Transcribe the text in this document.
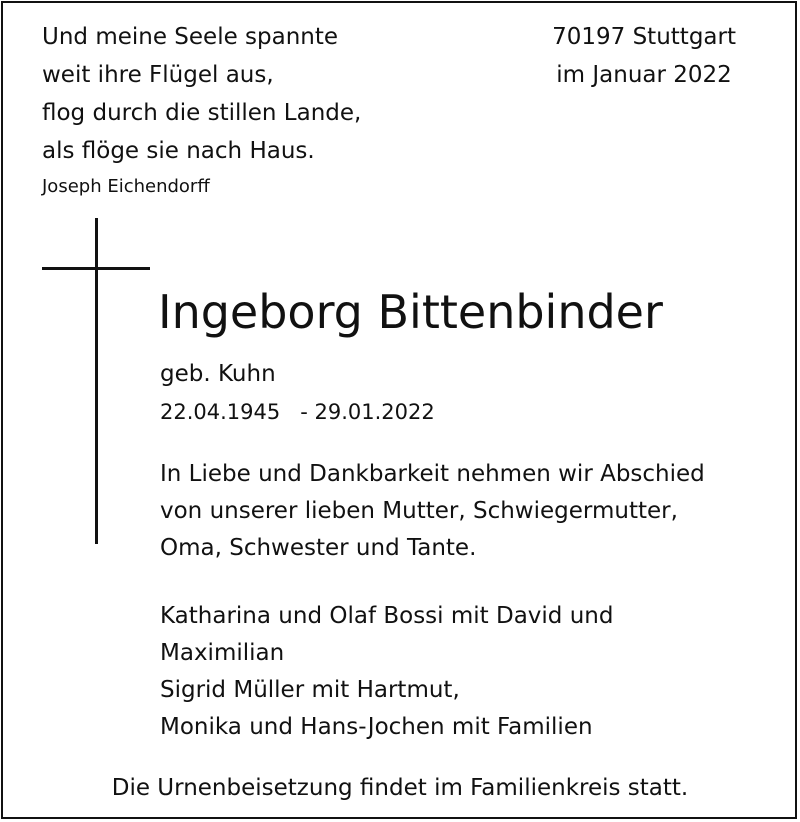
Und meine Seele spannte
weit ihre Flügel aus,
flog durch die stillen Lande,
als flöge sie nach Haus.
Joseph Eichendorff
70197 Stuttgart
im Januar 2022
Ingeborg Bittenbinder
geb. Kuhn
22.04.1945   - 29.01.2022
In Liebe und Dankbarkeit nehmen wir Abschied
von unserer lieben Mutter, Schwiegermutter,
Oma, Schwester und Tante.
Katharina und Olaf Bossi mit David und
Maximilian
Sigrid Müller mit Hartmut,
Monika und Hans-Jochen mit Familien
Die Urnenbeisetzung findet im Familienkreis statt.
